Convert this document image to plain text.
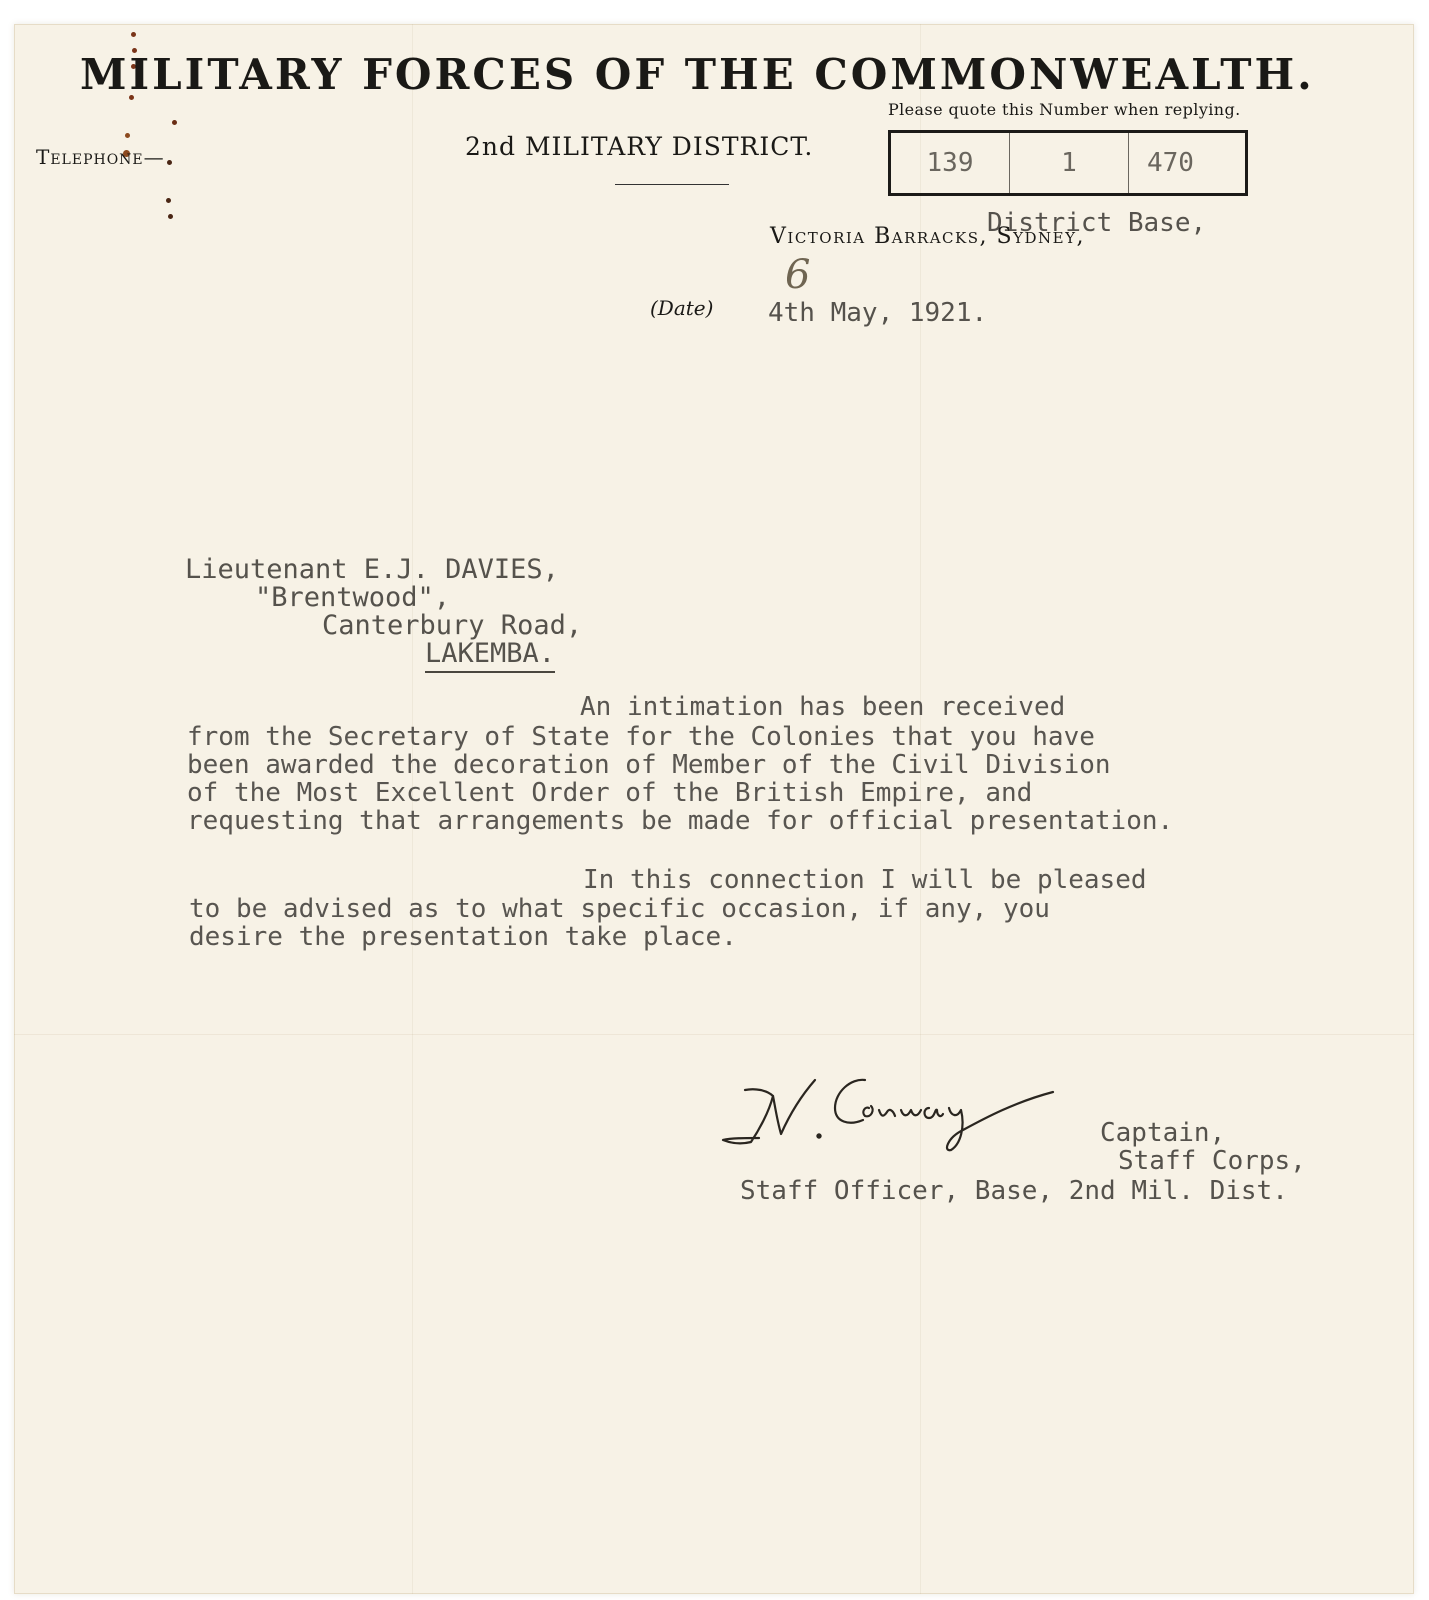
MILITARY FORCES OF THE COMMONWEALTH.
Telephone—	2nd MILITARY DISTRICT.
Please quote this Number when replying.
139	1	470
District Base,
Victoria Barracks, Sydney,
6
(Date) 4th May, 1921.
Lieutenant E.J. DAVIES,
"Brentwood",
Canterbury Road,
LAKEMBA.
An intimation has been received
from the Secretary of State for the Colonies that you have
been awarded the decoration of Member of the Civil Division
of the Most Excellent Order of the British Empire, and
requesting that arrangements be made for official presentation.
In this connection I will be pleased
to be advised as to what specific occasion, if any, you
desire the presentation take place.
Captain,
Staff Corps,
Staff Officer, Base, 2nd Mil. Dist.
